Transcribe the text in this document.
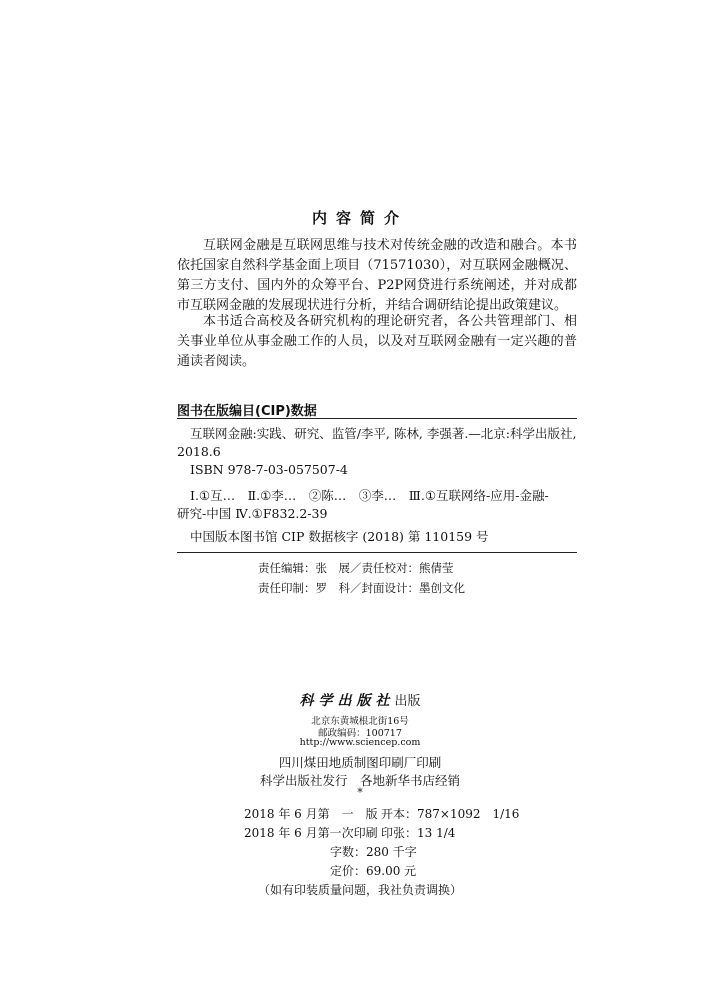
内容简介
互联网金融是互联网思维与技术对传统金融的改造和融合。本书依托国家自然科学基金面上项目（71571030），对互联网金融概况、第三方支付、国内外的众筹平台、P2P网贷进行系统阐述，并对成都市互联网金融的发展现状进行分析，并结合调研结论提出政策建议。
本书适合高校及各研究机构的理论研究者，各公共管理部门、相关事业单位从事金融工作的人员，以及对互联网金融有一定兴趣的普通读者阅读。
图书在版编目(CIP)数据
互联网金融:实践、研究、监管/李平, 陈林, 李强著.—北京:科学出版社,
2018.6
ISBN 978-7-03-057507-4
Ⅰ.①互…　Ⅱ.①李…　②陈…　③李…　Ⅲ.①互联网络-应用-金融-
研究-中国 Ⅳ.①F832.2-39
中国版本图书馆 CIP 数据核字 (2018) 第 110159 号
责任编辑：张　展／责任校对：熊倩莹
责任印制：罗　科／封面设计：墨创文化
科学出版社出版
北京东黄城根北街16号
邮政编码：100717
http://www.sciencep.com
四川煤田地质制图印刷厂印刷
科学出版社发行　各地新华书店经销
*
2018 年 6 月第　一　版 开本：787×1092　1/16
2018 年 6 月第一次印刷 印张：13 1/4
字数：280 千字
定价：69.00 元
（如有印装质量问题，我社负责调换）
